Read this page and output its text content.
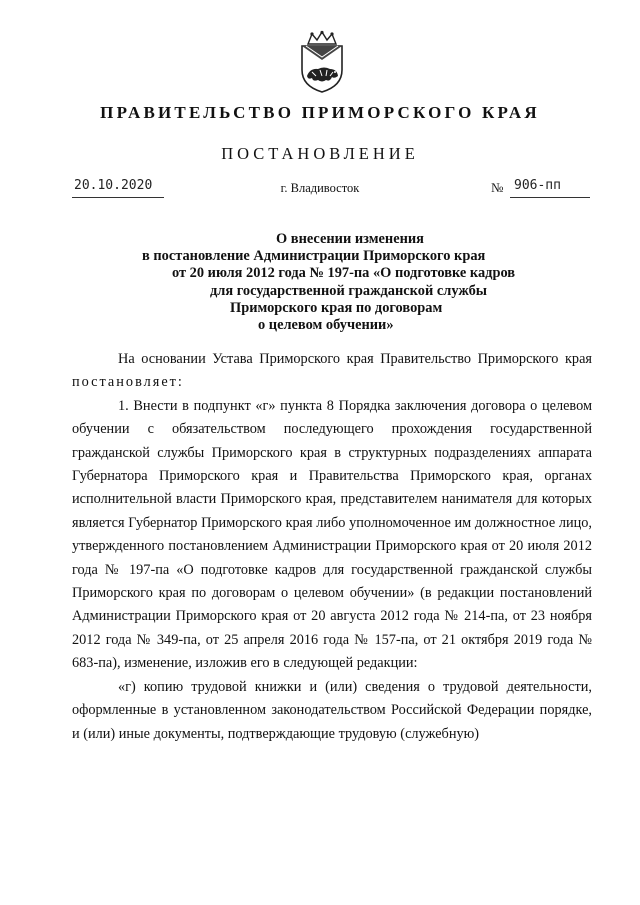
ПРАВИТЕЛЬСТВО ПРИМОРСКОГО КРАЯ
ПОСТАНОВЛЕНИЕ
20.10.2020	г. Владивосток	№ 906-пп
О внесении изменения
в постановление Администрации Приморского края
от 20 июля 2012 года № 197-па «О подготовке кадров
для государственной гражданской службы
Приморского края по договорам
о целевом обучении»

На основании Устава Приморского края Правительство Приморского края постановляет:

1. Внести в подпункт «г» пункта 8 Порядка заключения договора о целевом обучении с обязательством последующего прохождения государственной гражданской службы Приморского края в структурных подразделениях аппарата Губернатора Приморского края и Правительства Приморского края, органах исполнительной власти Приморского края, представителем нанимателя для которых является Губернатор Приморского края либо уполномоченное им должностное лицо, утвержденного постановлением Администрации Приморского края от 20 июля 2012 года № 197-па «О подготовке кадров для государственной гражданской службы Приморского края по договорам о целевом обучении» (в редакции постановлений Администрации Приморского края от 20 августа 2012 года № 214-па, от 23 ноября 2012 года № 349-па, от 25 апреля 2016 года № 157-па, от 21 октября 2019 года № 683-па), изменение, изложив его в следующей редакции:

«г) копию трудовой книжки и (или) сведения о трудовой деятельности, оформленные в установленном законодательством Российской Федерации порядке, и (или) иные документы, подтверждающие трудовую (служебную)
